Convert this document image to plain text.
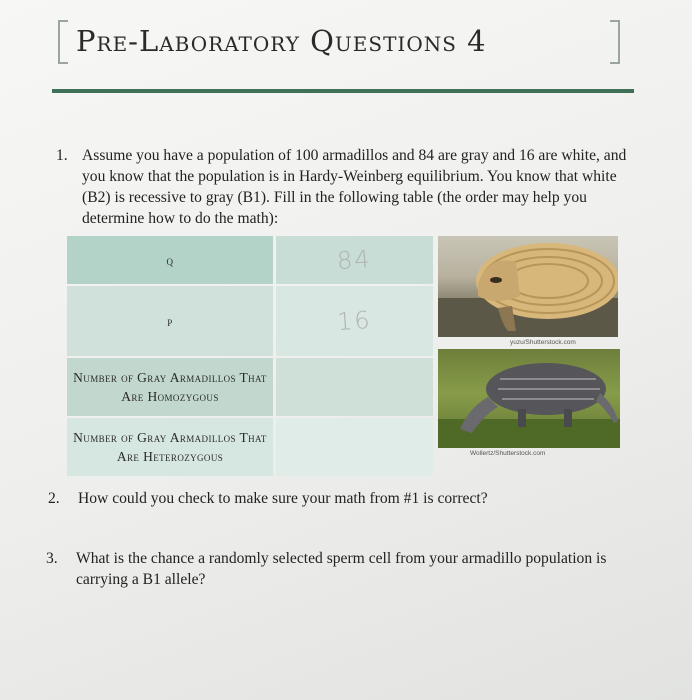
Pre-Laboratory Questions 4
1. Assume you have a population of 100 armadillos and 84 are gray and 16 are white, and you know that the population is in Hardy-Weinberg equilibrium. You know that white (B2) is recessive to gray (B1). Fill in the following table (the order may help you determine how to do the math):
q	84
p	16
Number of Gray Armadillos That Are Homozygous
Number of Gray Armadillos That Are Heterozygous
yuzu/Shutterstock.com
Wollertz/Shutterstock.com
2. How could you check to make sure your math from #1 is correct?
3. What is the chance a randomly selected sperm cell from your armadillo population is carrying a B1 allele?
